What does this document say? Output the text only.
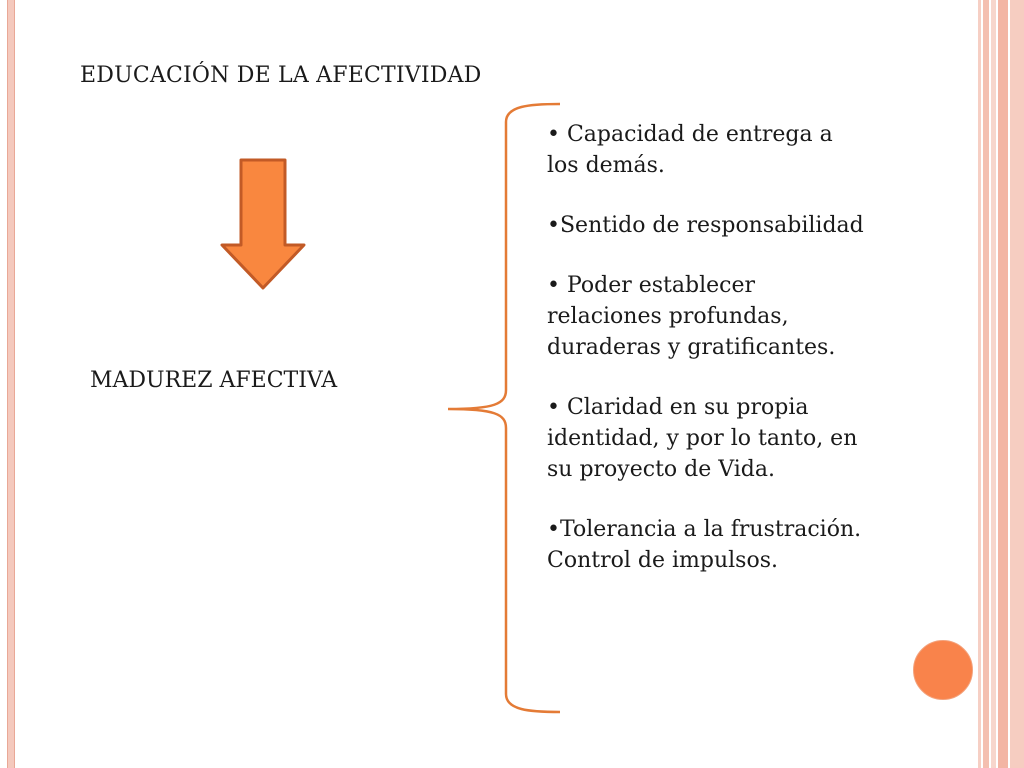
EDUCACIÓN DE LA AFECTIVIDAD
MADUREZ AFECTIVA
• Capacidad de entrega a los demás.
•Sentido de responsabilidad
• Poder establecer relaciones profundas, duraderas y gratificantes.
• Claridad en su propia identidad, y por lo tanto, en su proyecto de Vida.
•Tolerancia a la frustración. Control de impulsos.
